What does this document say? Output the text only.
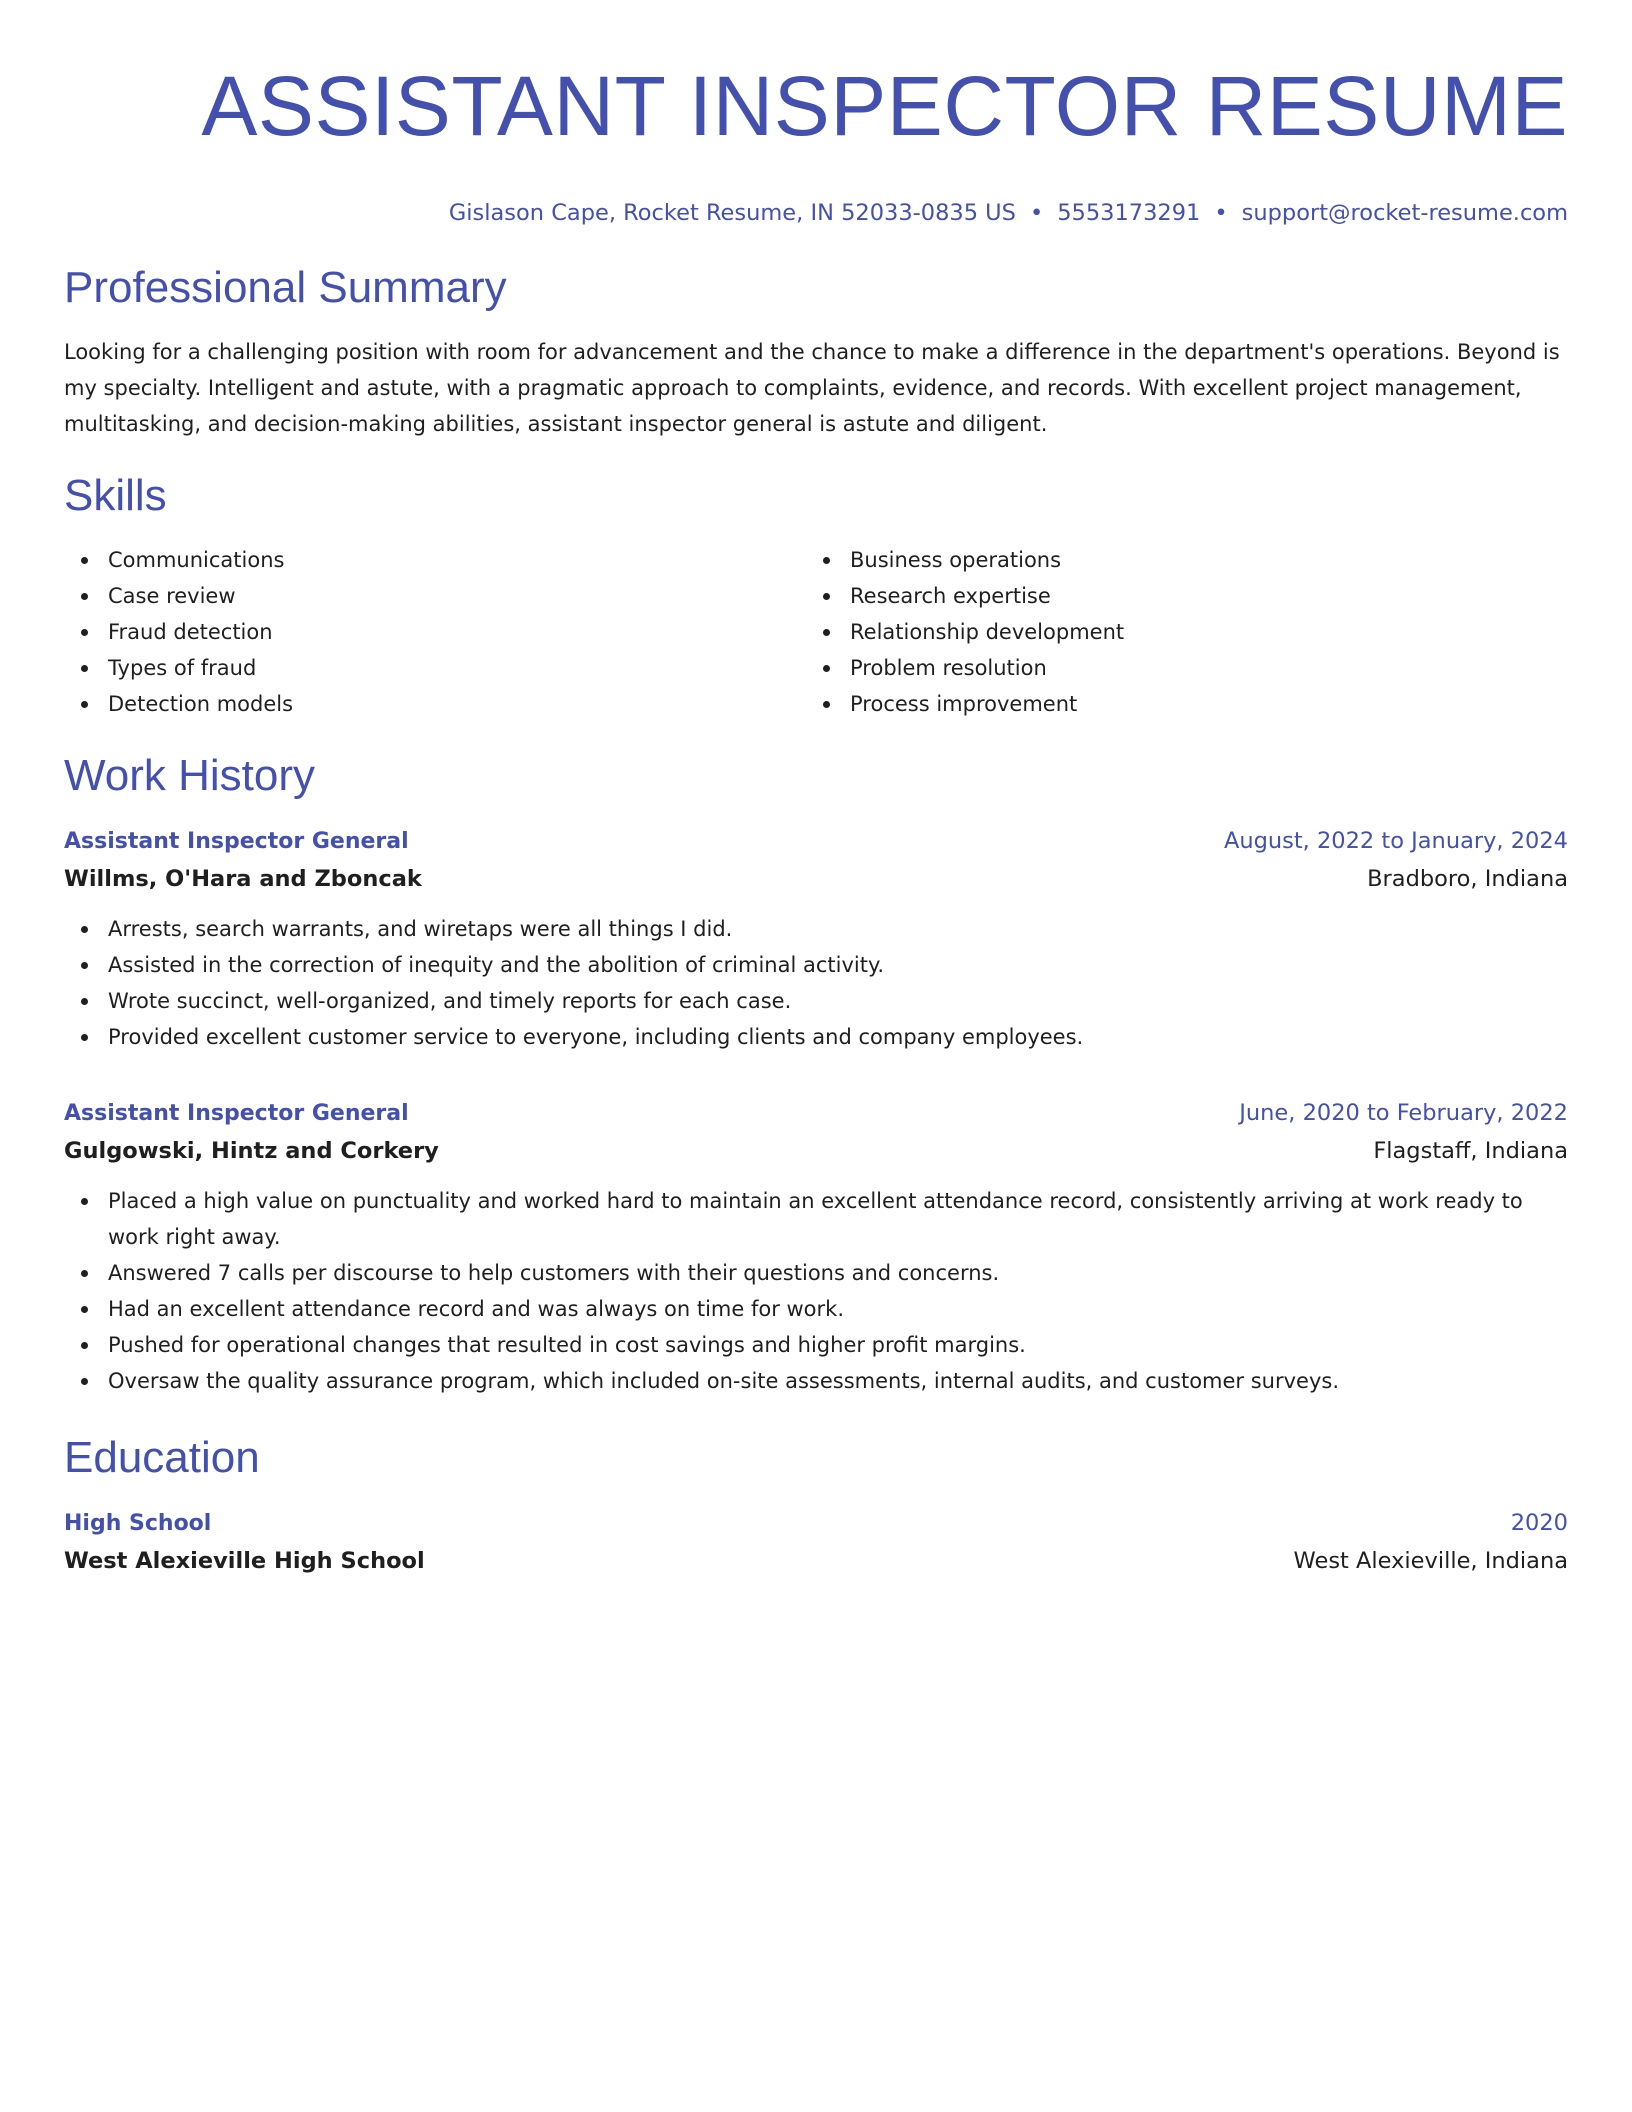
ASSISTANT INSPECTOR RESUME
Gislason Cape, Rocket Resume, IN 52033-0835 US • 5553173291 • support@rocket-resume.com
Professional Summary

Looking for a challenging position with room for advancement and the chance to make a difference in the department's operations. Beyond is my specialty. Intelligent and astute, with a pragmatic approach to complaints, evidence, and records. With excellent project management, multitasking, and decision-making abilities, assistant inspector general is astute and diligent.

Skills
Communications
Case review
Fraud detection
Types of fraud
Detection models
Business operations
Research expertise
Relationship development
Problem resolution
Process improvement
Work History
Assistant Inspector General	August, 2022 to January, 2024
Willms, O'Hara and Zboncak	Bradboro, Indiana
Arrests, search warrants, and wiretaps were all things I did.
Assisted in the correction of inequity and the abolition of criminal activity.
Wrote succinct, well-organized, and timely reports for each case.
Provided excellent customer service to everyone, including clients and company employees.
Assistant Inspector General	June, 2020 to February, 2022
Gulgowski, Hintz and Corkery	Flagstaff, Indiana
Placed a high value on punctuality and worked hard to maintain an excellent attendance record, consistently arriving at work ready to work right away.
Answered 7 calls per discourse to help customers with their questions and concerns.
Had an excellent attendance record and was always on time for work.
Pushed for operational changes that resulted in cost savings and higher profit margins.
Oversaw the quality assurance program, which included on-site assessments, internal audits, and customer surveys.
Education
High School	2020
West Alexieville High School	West Alexieville, Indiana
